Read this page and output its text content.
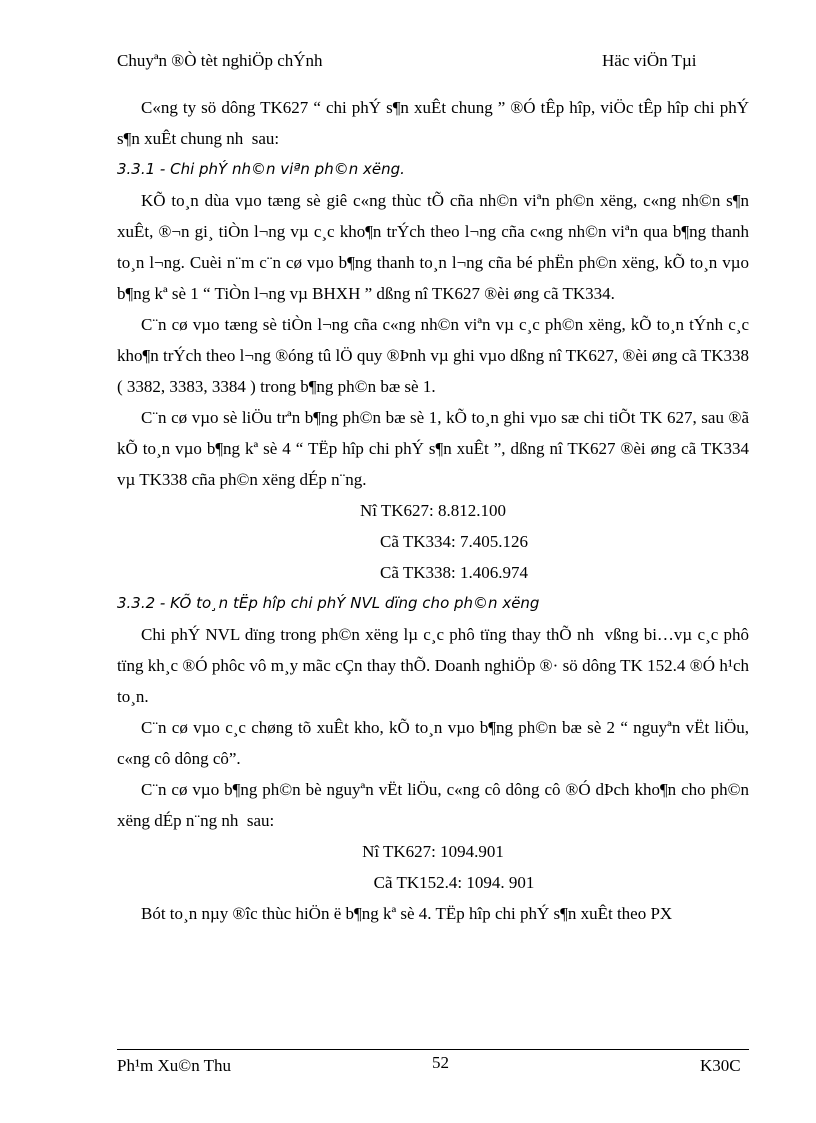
Chuyªn ®Ò tèt nghiÖp chÝnh	Häc viÖn Tµi

C«ng ty sö dông TK627 “ chi phÝ s¶n xuÊt chung ” ®Ó tÊp hîp, viÖc tÊp hîp chi phÝ s¶n xuÊt chung nh  sau:

3.3.1 - Chi phÝ nh©n viªn ph©n xëng.

KÕ to¸n dùa vµo tæng sè giê c«ng thùc tÕ cña nh©n viªn ph©n xëng, c«ng nh©n s¶n xuÊt, ®¬n gi¸ tiÒn l¬ng vµ c¸c kho¶n trÝch theo l¬ng cña c«ng nh©n viªn qua b¶ng thanh to¸n l¬ng. Cuèi n¨m c¨n cø vµo b¶ng thanh to¸n l¬ng cña bé phËn ph©n xëng, kÕ to¸n vµo b¶ng kª sè 1 “ TiÒn l¬ng vµ BHXH ” dßng nî TK627 ®èi øng cã TK334.

C¨n cø vµo tæng sè tiÒn l¬ng cña c«ng nh©n viªn vµ c¸c ph©n xëng, kÕ to¸n tÝnh c¸c kho¶n trÝch theo l¬ng ®óng tû lÖ quy ®Þnh vµ ghi vµo dßng nî TK627, ®èi øng cã TK338 ( 3382, 3383, 3384 ) trong b¶ng ph©n bæ sè 1.

C¨n cø vµo sè liÖu trªn b¶ng ph©n bæ sè 1, kÕ to¸n ghi vµo sæ chi tiÕt TK 627, sau ®ã kÕ to¸n vµo b¶ng kª sè 4 “ TËp hîp chi phÝ s¶n xuÊt ”, dßng nî TK627 ®èi øng cã TK334 vµ TK338 cña ph©n xëng dÉp n¨ng.

Nî TK627: 8.812.100

Cã TK334: 7.405.126

Cã TK338: 1.406.974

3.3.2 - KÕ to¸n tËp hîp chi phÝ NVL dïng cho ph©n xëng

Chi phÝ NVL dïng trong ph©n xëng lµ c¸c phô tïng thay thÕ nh  vßng bi…vµ c¸c phô tïng kh¸c ®Ó phôc vô m¸y mãc cÇn thay thÕ. Doanh nghiÖp ®· sö dông TK 152.4 ®Ó h¹ch to¸n.

C¨n cø vµo c¸c chøng tõ xuÊt kho, kÕ to¸n vµo b¶ng ph©n bæ sè 2 “ nguyªn vËt liÖu, c«ng cô dông cô”.

C¨n cø vµo b¶ng ph©n bè nguyªn vËt liÖu, c«ng cô dông cô ®Ó dÞch kho¶n cho ph©n xëng dÉp n¨ng nh  sau:

Nî TK627: 1094.901

Cã TK152.4: 1094. 901

Bót to¸n nµy ®îc thùc hiÖn ë b¶ng kª sè 4. TËp hîp chi phÝ s¶n xuÊt theo PX

Ph¹m Xu©n Thu	52	K30C
